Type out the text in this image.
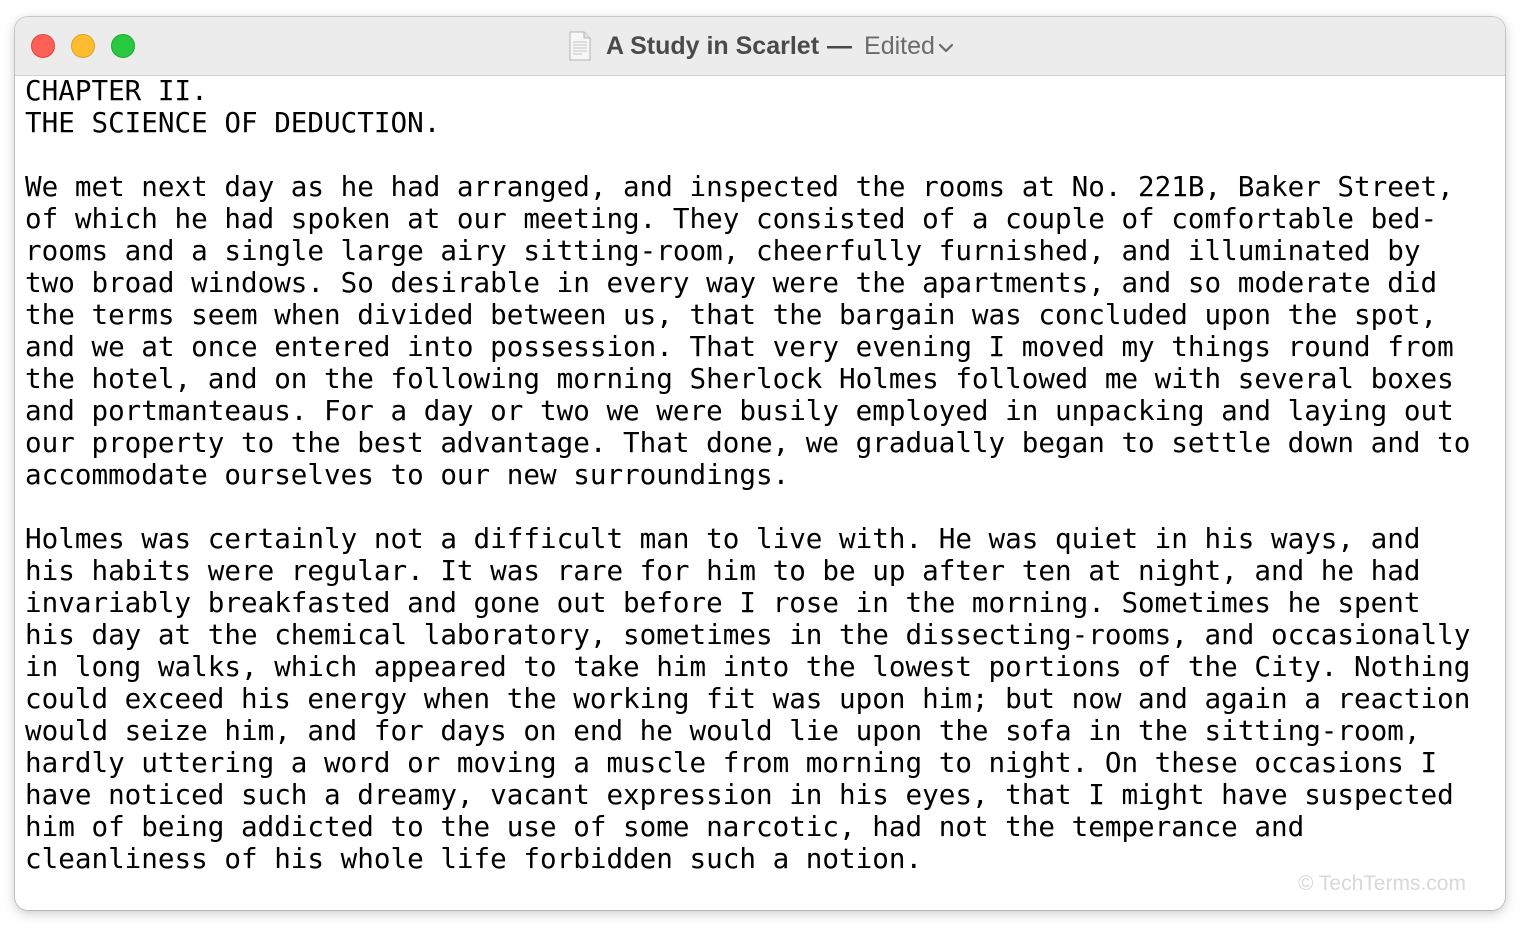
A Study in Scarlet — Edited

CHAPTER II.

THE SCIENCE OF DEDUCTION.

We met next day as he had arranged, and inspected the rooms at No. 221B, Baker Street,

of which he had spoken at our meeting. They consisted of a couple of comfortable bed-

rooms and a single large airy sitting-room, cheerfully furnished, and illuminated by

two broad windows. So desirable in every way were the apartments, and so moderate did

the terms seem when divided between us, that the bargain was concluded upon the spot,

and we at once entered into possession. That very evening I moved my things round from

the hotel, and on the following morning Sherlock Holmes followed me with several boxes

and portmanteaus. For a day or two we were busily employed in unpacking and laying out

our property to the best advantage. That done, we gradually began to settle down and to

accommodate ourselves to our new surroundings.

Holmes was certainly not a difficult man to live with. He was quiet in his ways, and

his habits were regular. It was rare for him to be up after ten at night, and he had

invariably breakfasted and gone out before I rose in the morning. Sometimes he spent

his day at the chemical laboratory, sometimes in the dissecting-rooms, and occasionally

in long walks, which appeared to take him into the lowest portions of the City. Nothing

could exceed his energy when the working fit was upon him; but now and again a reaction

would seize him, and for days on end he would lie upon the sofa in the sitting-room,

hardly uttering a word or moving a muscle from morning to night. On these occasions I

have noticed such a dreamy, vacant expression in his eyes, that I might have suspected

him of being addicted to the use of some narcotic, had not the temperance and

cleanliness of his whole life forbidden such a notion.

© TechTerms.com
